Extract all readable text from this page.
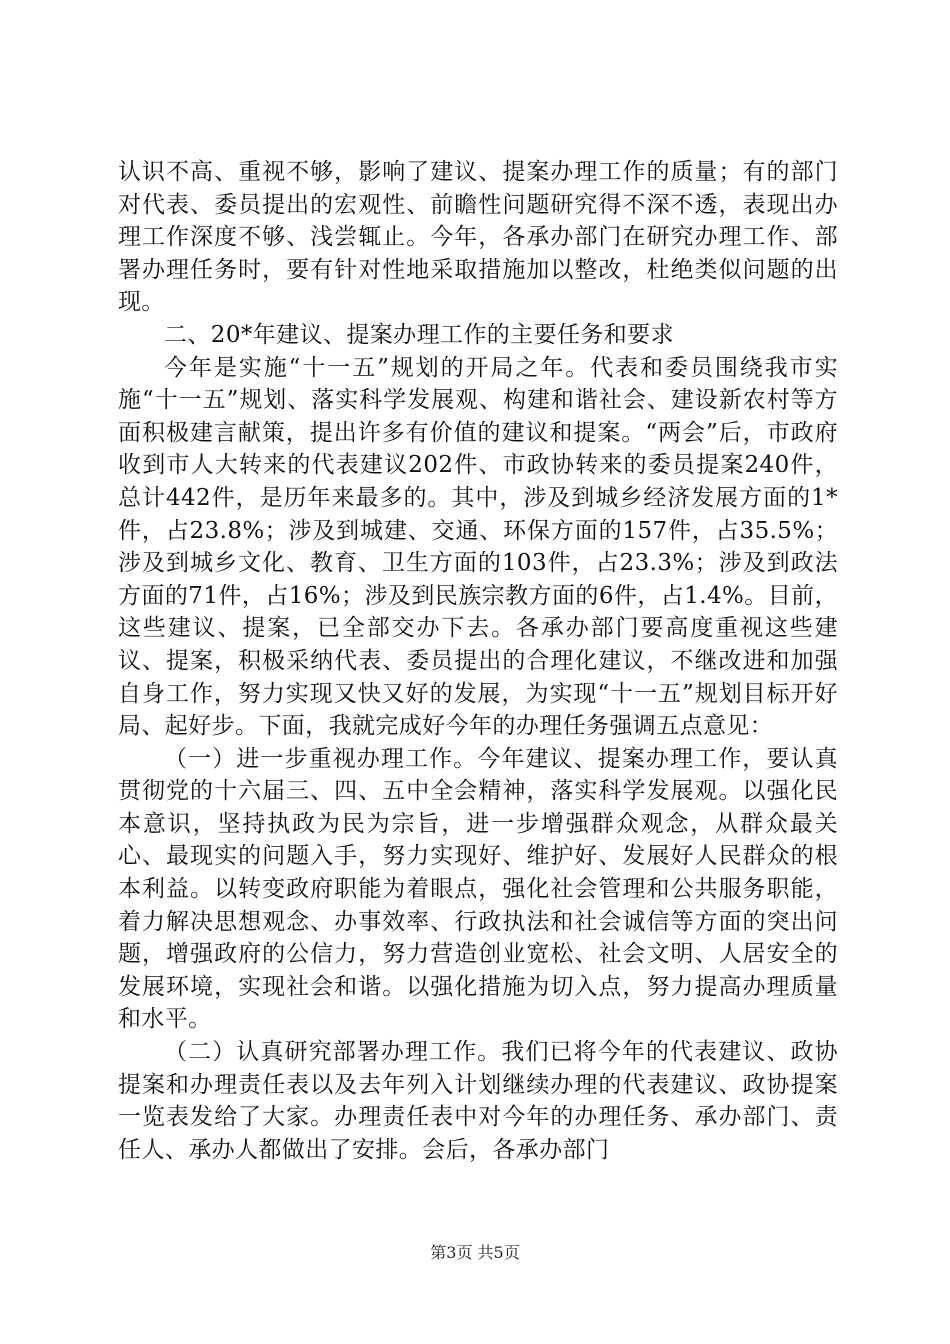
认识不高、重视不够，影响了建议、提案办理工作的质量；有的部门对代表、委员提出的宏观性、前瞻性问题研究得不深不透，表现出办理工作深度不够、浅尝辄止。今年，各承办部门在研究办理工作、部署办理任务时，要有针对性地采取措施加以整改，杜绝类似问题的出现。

二、20*年建议、提案办理工作的主要任务和要求

今年是实施“十一五”规划的开局之年。代表和委员围绕我市实施“十一五”规划、落实科学发展观、构建和谐社会、建设新农村等方面积极建言献策，提出许多有价值的建议和提案。“两会”后，市政府收到市人大转来的代表建议202件、市政协转来的委员提案240件，总计442件，是历年来最多的。其中，涉及到城乡经济发展方面的1*件，占23.8%；涉及到城建、交通、环保方面的157件，占35.5%；涉及到城乡文化、教育、卫生方面的103件，占23.3%；涉及到政法方面的71件，占16%；涉及到民族宗教方面的6件，占1.4%。目前，这些建议、提案，已全部交办下去。各承办部门要高度重视这些建议、提案，积极采纳代表、委员提出的合理化建议，不继改进和加强自身工作，努力实现又快又好的发展，为实现“十一五”规划目标开好局、起好步。下面，我就完成好今年的办理任务强调五点意见：

（一）进一步重视办理工作。今年建议、提案办理工作，要认真贯彻党的十六届三、四、五中全会精神，落实科学发展观。以强化民本意识，坚持执政为民为宗旨，进一步增强群众观念，从群众最关心、最现实的问题入手，努力实现好、维护好、发展好人民群众的根本利益。以转变政府职能为着眼点，强化社会管理和公共服务职能，着力解决思想观念、办事效率、行政执法和社会诚信等方面的突出问题，增强政府的公信力，努力营造创业宽松、社会文明、人居安全的发展环境，实现社会和谐。以强化措施为切入点，努力提高办理质量和水平。

（二）认真研究部署办理工作。我们已将今年的代表建议、政协提案和办理责任表以及去年列入计划继续办理的代表建议、政协提案一览表发给了大家。办理责任表中对今年的办理任务、承办部门、责任人、承办人都做出了安排。会后，各承办部门

第3页 共5页
